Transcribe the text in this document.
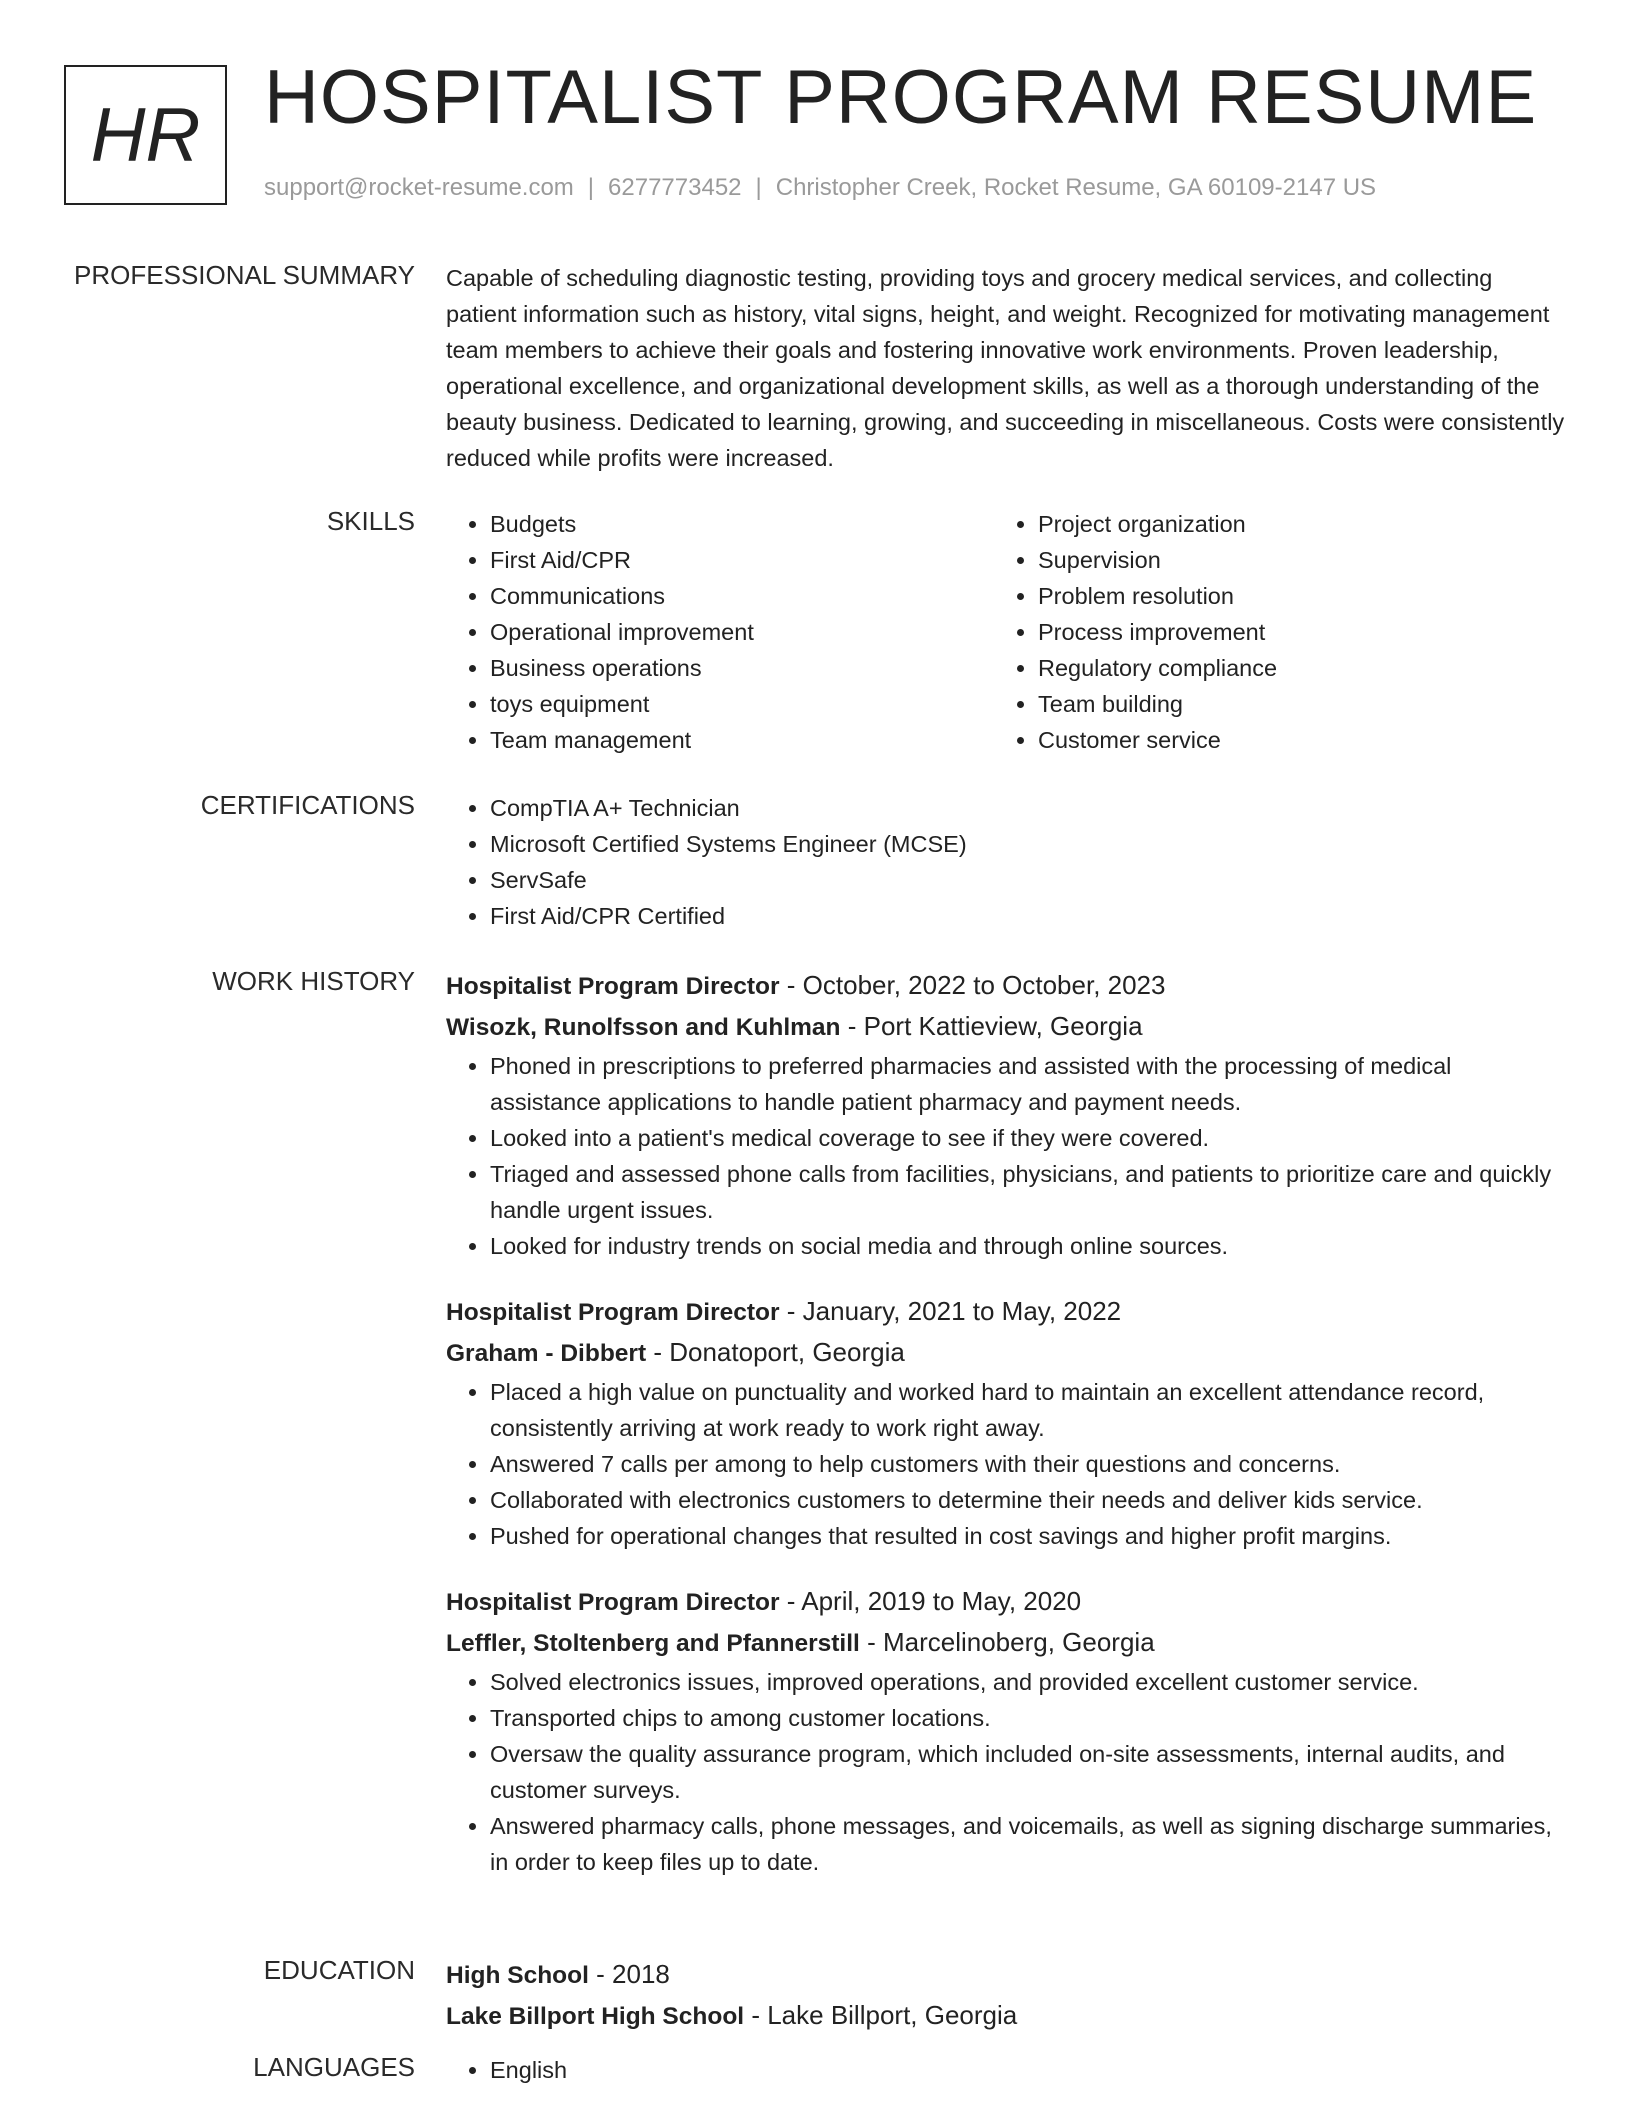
HR HOSPITALIST PROGRAM RESUME
support@rocket-resume.com | 6277773452 | Christopher Creek, Rocket Resume, GA 60109-2147 US
PROFESSIONAL SUMMARY Capable of scheduling diagnostic testing, providing toys and grocery medical services, and collecting patient information such as history, vital signs, height, and weight. Recognized for motivating management team members to achieve their goals and fostering innovative work environments. Proven leadership, operational excellence, and organizational development skills, as well as a thorough understanding of the beauty business. Dedicated to learning, growing, and succeeding in miscellaneous. Costs were consistently reduced while profits were increased.

SKILLS	• Budgets
• First Aid/CPR
• Communications
• Operational improvement
• Business operations
• toys equipment
• Team management
• Project organization
• Supervision
• Problem resolution
• Process improvement
• Regulatory compliance
• Team building
• Customer service
CERTIFICATIONS	• CompTIA A+ Technician
• Microsoft Certified Systems Engineer (MCSE)
• ServSafe
• First Aid/CPR Certified
WORK HISTORY Hospitalist Program Director - October, 2022 to October, 2023
Wisozk, Runolfsson and Kuhlman - Port Kattieview, Georgia
• Phoned in prescriptions to preferred pharmacies and assisted with the processing of medical assistance applications to handle patient pharmacy and payment needs.
• Looked into a patient's medical coverage to see if they were covered.
• Triaged and assessed phone calls from facilities, physicians, and patients to prioritize care and quickly handle urgent issues.
• Looked for industry trends on social media and through online sources.
Hospitalist Program Director - January, 2021 to May, 2022
Graham - Dibbert - Donatoport, Georgia
• Placed a high value on punctuality and worked hard to maintain an excellent attendance record, consistently arriving at work ready to work right away.
• Answered 7 calls per among to help customers with their questions and concerns.
• Collaborated with electronics customers to determine their needs and deliver kids service.
• Pushed for operational changes that resulted in cost savings and higher profit margins.
Hospitalist Program Director - April, 2019 to May, 2020
Leffler, Stoltenberg and Pfannerstill - Marcelinoberg, Georgia
• Solved electronics issues, improved operations, and provided excellent customer service.
• Transported chips to among customer locations.
• Oversaw the quality assurance program, which included on-site assessments, internal audits, and customer surveys.
• Answered pharmacy calls, phone messages, and voicemails, as well as signing discharge summaries, in order to keep files up to date.
EDUCATION High School - 2018
Lake Billport High School - Lake Billport, Georgia
LANGUAGES	• English
